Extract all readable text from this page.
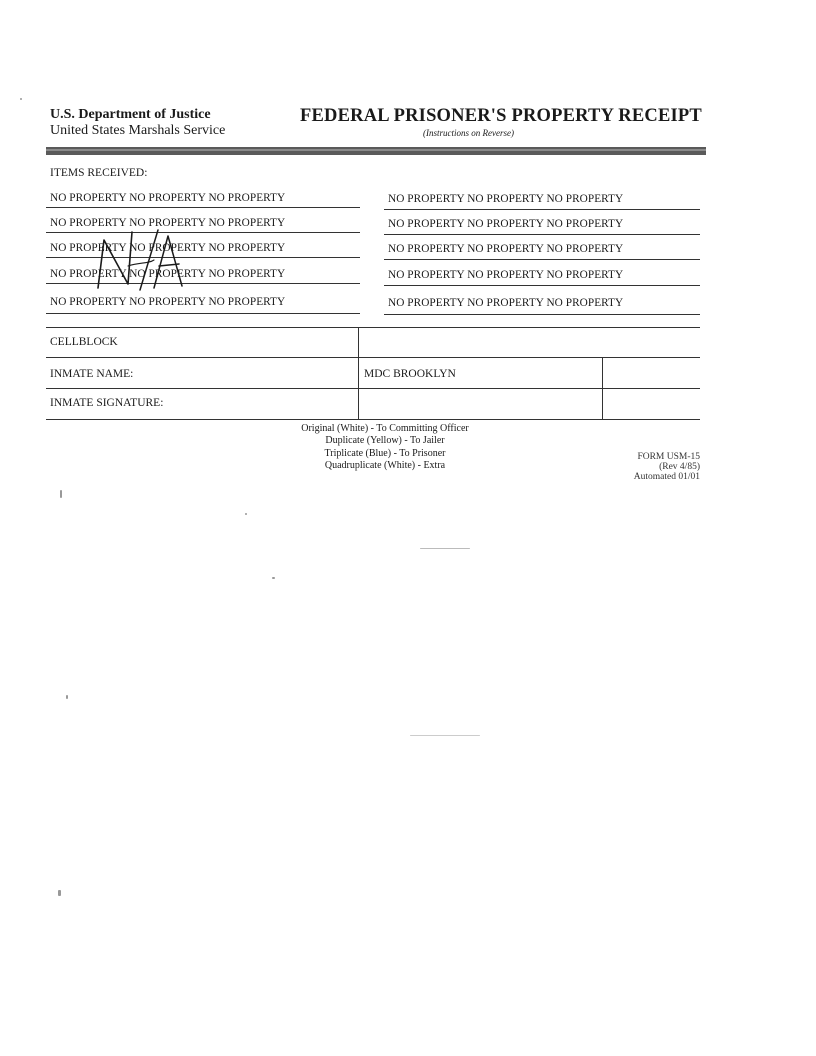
U.S. Department of Justice
United States Marshals Service
FEDERAL PRISONER'S PROPERTY RECEIPT
(Instructions on Reverse)
ITEMS RECEIVED:
NO PROPERTY NO PROPERTY NO PROPERTY
NO PROPERTY NO PROPERTY NO PROPERTY
NO PROPERTY NO PROPERTY NO PROPERTY
NO PROPERTY NO PROPERTY NO PROPERTY
NO PROPERTY NO PROPERTY NO PROPERTY
NO PROPERTY NO PROPERTY NO PROPERTY
NO PROPERTY NO PROPERTY NO PROPERTY
NO PROPERTY NO PROPERTY NO PROPERTY
NO PROPERTY NO PROPERTY NO PROPERTY
NO PROPERTY NO PROPERTY NO PROPERTY
CELLBLOCK
INMATE NAME:	MDC BROOKLYN
INMATE SIGNATURE:
Original (White) - To Committing Officer
Duplicate (Yellow) - To Jailer
Triplicate (Blue) - To Prisoner
Quadruplicate (White) - Extra
FORM USM-15
(Rev 4/85)
Automated 01/01
